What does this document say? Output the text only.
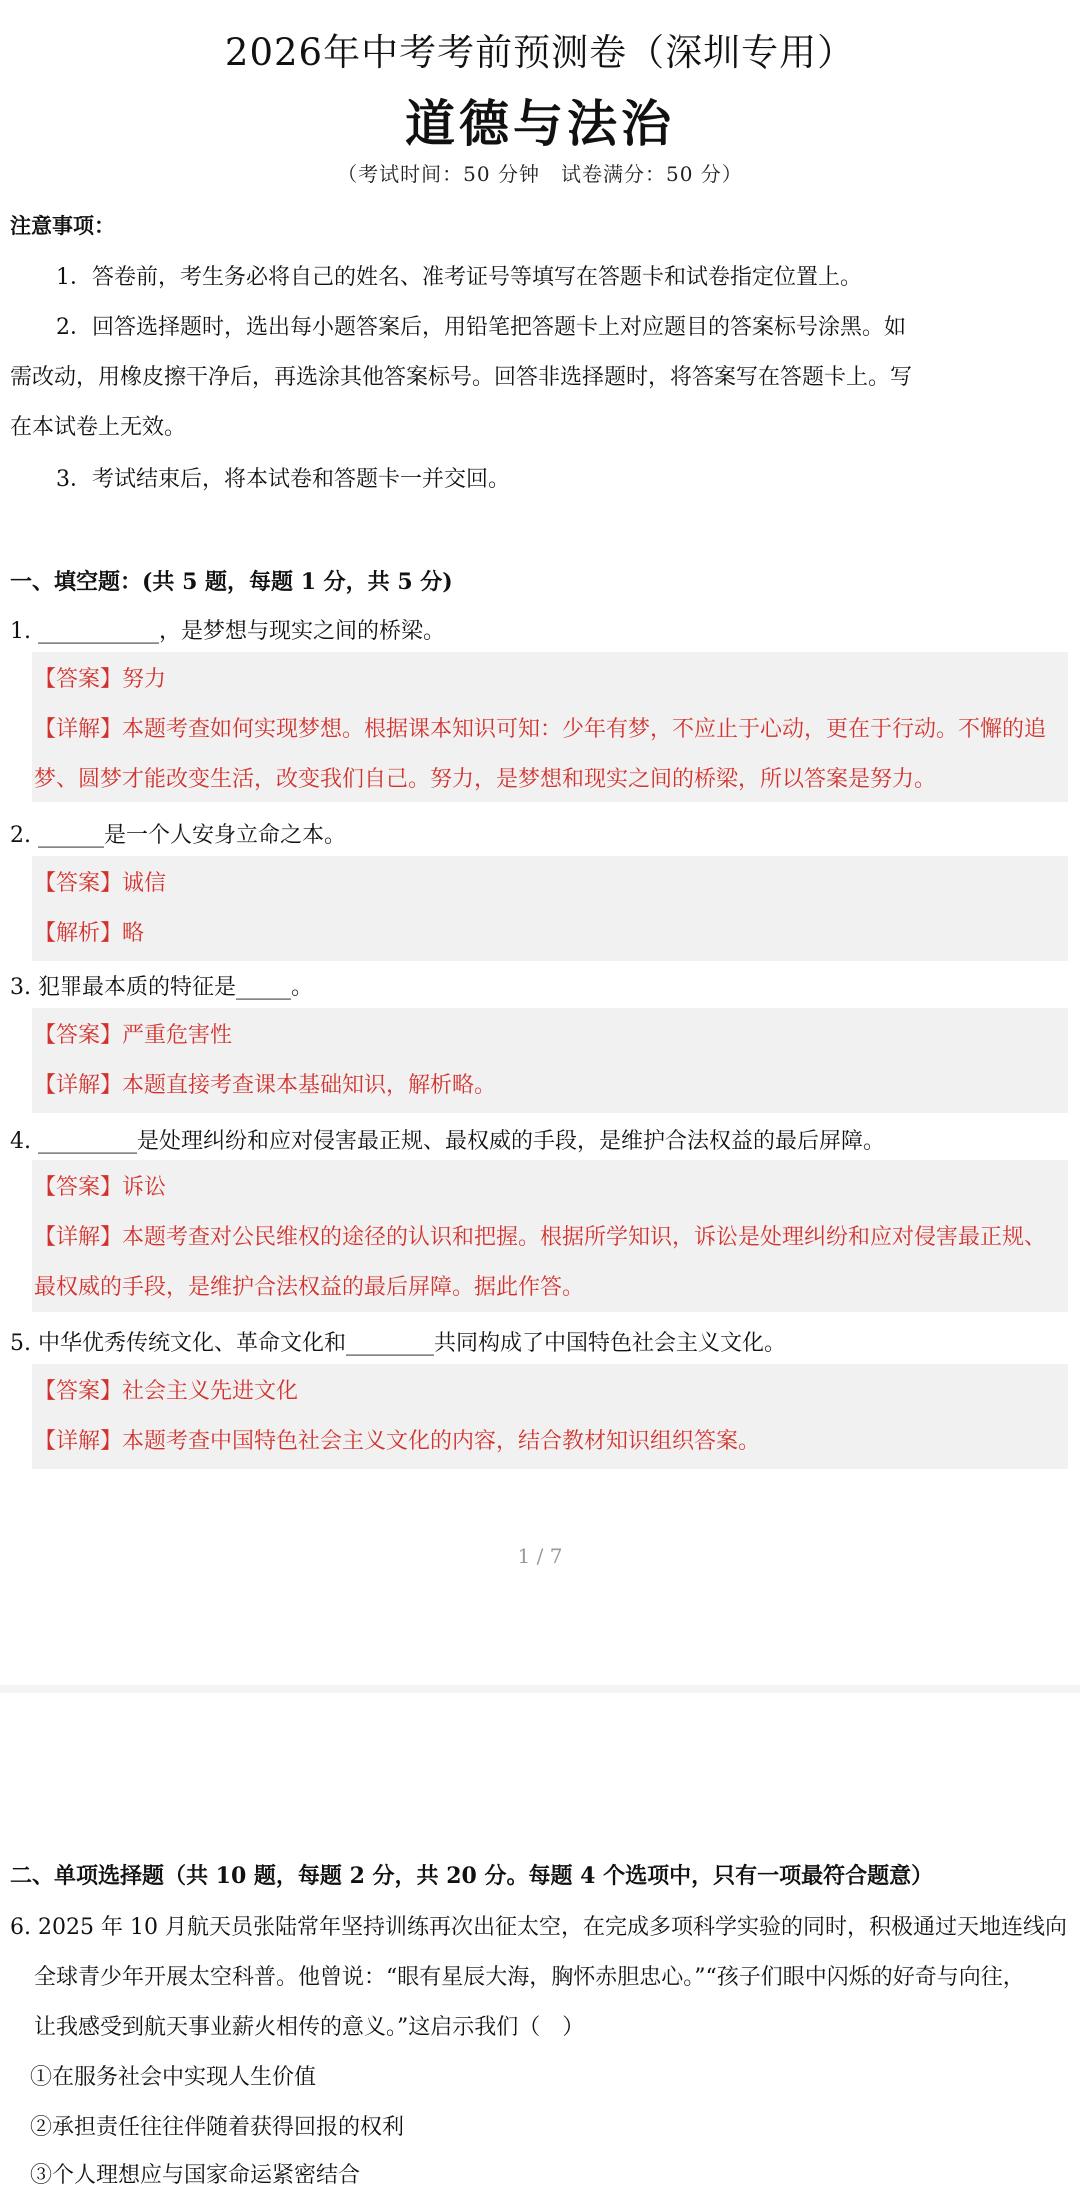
2026年中考考前预测卷（深圳专用）
道德与法治
（考试时间：50 分钟　试卷满分：50 分）
注意事项：
1．答卷前，考生务必将自己的姓名、准考证号等填写在答题卡和试卷指定位置上。
2．回答选择题时，选出每小题答案后，用铅笔把答题卡上对应题目的答案标号涂黑。如
需改动，用橡皮擦干净后，再选涂其他答案标号。回答非选择题时，将答案写在答题卡上。写
在本试卷上无效。
3．考试结束后，将本试卷和答题卡一并交回。
一、填空题：(共 5 题，每题 1 分，共 5 分)
1. ___________，是梦想与现实之间的桥梁。
【答案】努力
【详解】本题考查如何实现梦想。根据课本知识可知：少年有梦，不应止于心动，更在于行动。不懈的追
梦、圆梦才能改变生活，改变我们自己。努力，是梦想和现实之间的桥梁，所以答案是努力。
2. ______是一个人安身立命之本。
【答案】诚信
【解析】略
3. 犯罪最本质的特征是_____。
【答案】严重危害性
【详解】本题直接考查课本基础知识，解析略。
4. _________是处理纠纷和应对侵害最正规、最权威的手段，是维护合法权益的最后屏障。
【答案】诉讼
【详解】本题考查对公民维权的途径的认识和把握。根据所学知识，诉讼是处理纠纷和应对侵害最正规、
最权威的手段，是维护合法权益的最后屏障。据此作答。
5. 中华优秀传统文化、革命文化和________共同构成了中国特色社会主义文化。
【答案】社会主义先进文化
【详解】本题考查中国特色社会主义文化的内容，结合教材知识组织答案。
1 / 7
二、单项选择题（共 10 题，每题 2 分，共 20 分。每题 4 个选项中，只有一项最符合题意）
6. 2025 年 10 月航天员张陆常年坚持训练再次出征太空，在完成多项科学实验的同时，积极通过天地连线向
全球青少年开展太空科普。他曾说：“眼有星辰大海，胸怀赤胆忠心。”“孩子们眼中闪烁的好奇与向往，
让我感受到航天事业薪火相传的意义。”这启示我们（　）
①在服务社会中实现人生价值
②承担责任往往伴随着获得回报的权利
③个人理想应与国家命运紧密结合
